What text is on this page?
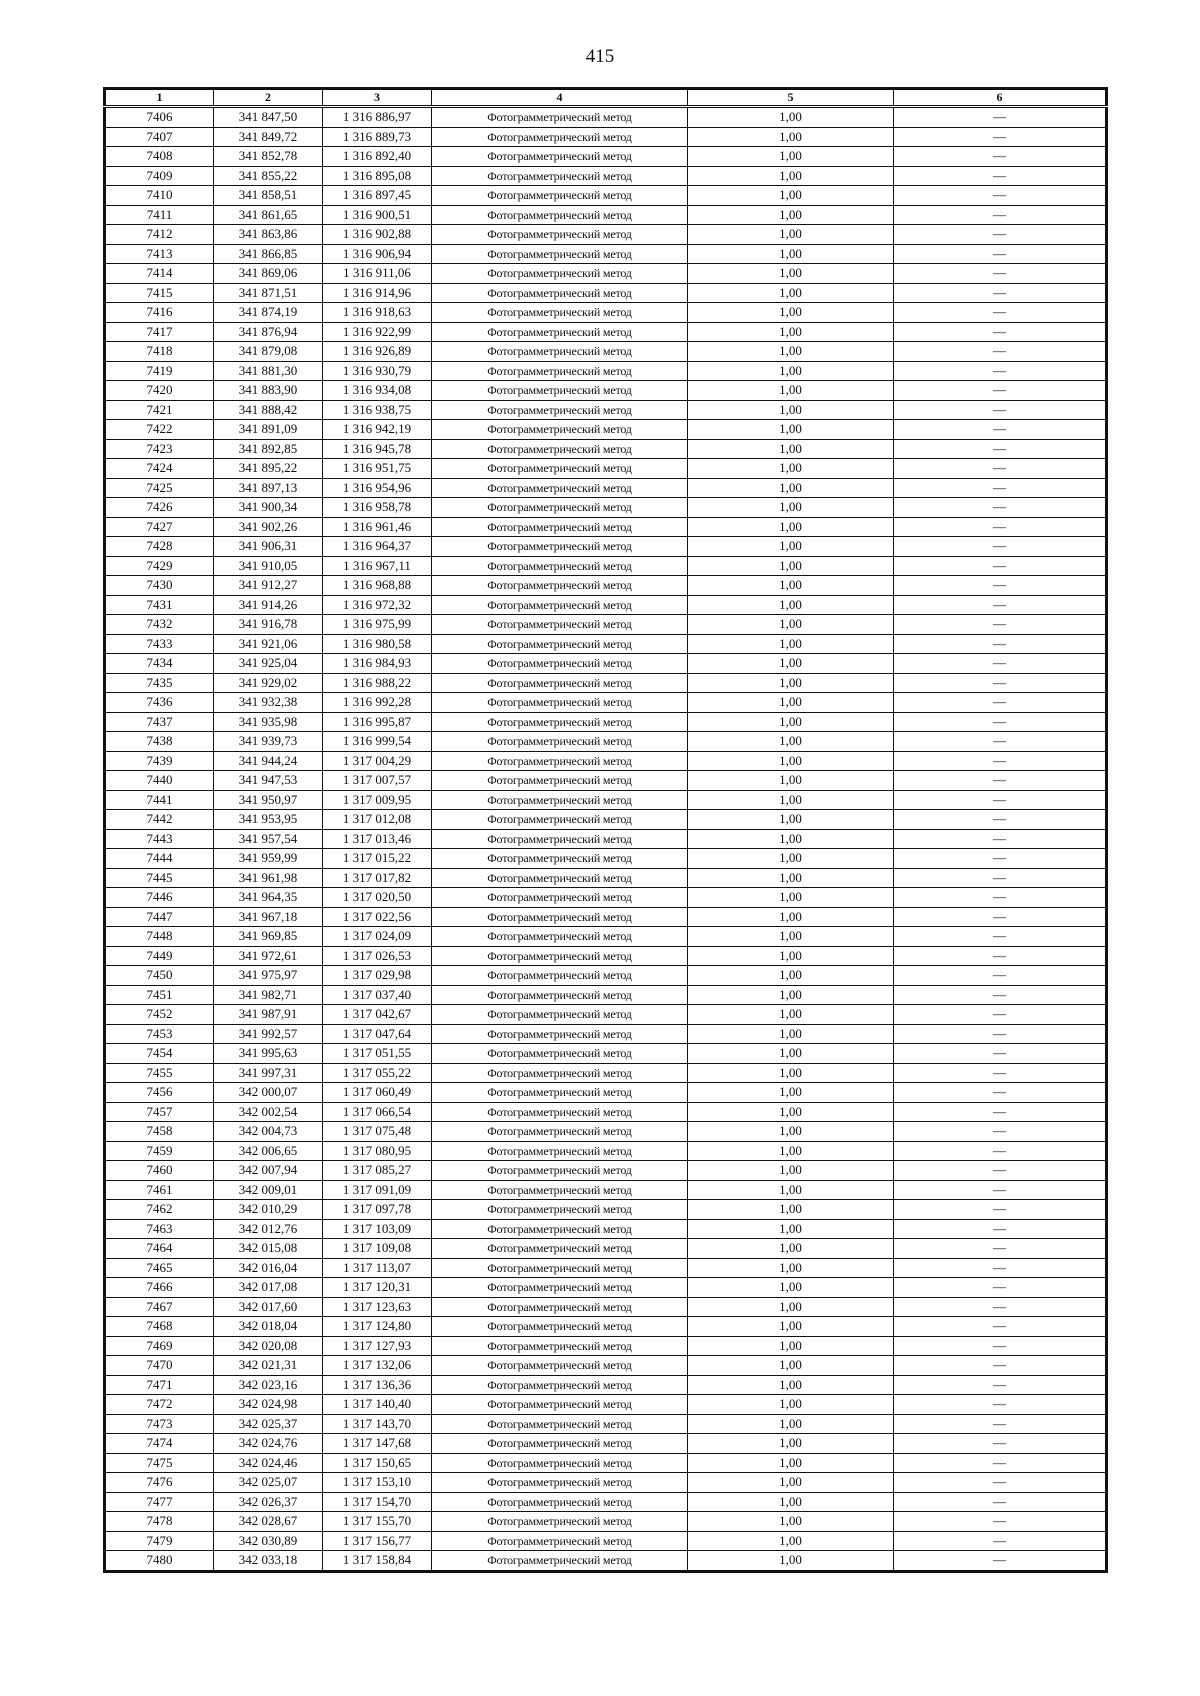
415
1	2	3	4	5	6
7406	341 847,50	1 316 886,97	Фотограмметрический метод	1,00	—
7407	341 849,72	1 316 889,73	Фотограмметрический метод	1,00	—
7408	341 852,78	1 316 892,40	Фотограмметрический метод	1,00	—
7409	341 855,22	1 316 895,08	Фотограмметрический метод	1,00	—
7410	341 858,51	1 316 897,45	Фотограмметрический метод	1,00	—
7411	341 861,65	1 316 900,51	Фотограмметрический метод	1,00	—
7412	341 863,86	1 316 902,88	Фотограмметрический метод	1,00	—
7413	341 866,85	1 316 906,94	Фотограмметрический метод	1,00	—
7414	341 869,06	1 316 911,06	Фотограмметрический метод	1,00	—
7415	341 871,51	1 316 914,96	Фотограмметрический метод	1,00	—
7416	341 874,19	1 316 918,63	Фотограмметрический метод	1,00	—
7417	341 876,94	1 316 922,99	Фотограмметрический метод	1,00	—
7418	341 879,08	1 316 926,89	Фотограмметрический метод	1,00	—
7419	341 881,30	1 316 930,79	Фотограмметрический метод	1,00	—
7420	341 883,90	1 316 934,08	Фотограмметрический метод	1,00	—
7421	341 888,42	1 316 938,75	Фотограмметрический метод	1,00	—
7422	341 891,09	1 316 942,19	Фотограмметрический метод	1,00	—
7423	341 892,85	1 316 945,78	Фотограмметрический метод	1,00	—
7424	341 895,22	1 316 951,75	Фотограмметрический метод	1,00	—
7425	341 897,13	1 316 954,96	Фотограмметрический метод	1,00	—
7426	341 900,34	1 316 958,78	Фотограмметрический метод	1,00	—
7427	341 902,26	1 316 961,46	Фотограмметрический метод	1,00	—
7428	341 906,31	1 316 964,37	Фотограмметрический метод	1,00	—
7429	341 910,05	1 316 967,11	Фотограмметрический метод	1,00	—
7430	341 912,27	1 316 968,88	Фотограмметрический метод	1,00	—
7431	341 914,26	1 316 972,32	Фотограмметрический метод	1,00	—
7432	341 916,78	1 316 975,99	Фотограмметрический метод	1,00	—
7433	341 921,06	1 316 980,58	Фотограмметрический метод	1,00	—
7434	341 925,04	1 316 984,93	Фотограмметрический метод	1,00	—
7435	341 929,02	1 316 988,22	Фотограмметрический метод	1,00	—
7436	341 932,38	1 316 992,28	Фотограмметрический метод	1,00	—
7437	341 935,98	1 316 995,87	Фотограмметрический метод	1,00	—
7438	341 939,73	1 316 999,54	Фотограмметрический метод	1,00	—
7439	341 944,24	1 317 004,29	Фотограмметрический метод	1,00	—
7440	341 947,53	1 317 007,57	Фотограмметрический метод	1,00	—
7441	341 950,97	1 317 009,95	Фотограмметрический метод	1,00	—
7442	341 953,95	1 317 012,08	Фотограмметрический метод	1,00	—
7443	341 957,54	1 317 013,46	Фотограмметрический метод	1,00	—
7444	341 959,99	1 317 015,22	Фотограмметрический метод	1,00	—
7445	341 961,98	1 317 017,82	Фотограмметрический метод	1,00	—
7446	341 964,35	1 317 020,50	Фотограмметрический метод	1,00	—
7447	341 967,18	1 317 022,56	Фотограмметрический метод	1,00	—
7448	341 969,85	1 317 024,09	Фотограмметрический метод	1,00	—
7449	341 972,61	1 317 026,53	Фотограмметрический метод	1,00	—
7450	341 975,97	1 317 029,98	Фотограмметрический метод	1,00	—
7451	341 982,71	1 317 037,40	Фотограмметрический метод	1,00	—
7452	341 987,91	1 317 042,67	Фотограмметрический метод	1,00	—
7453	341 992,57	1 317 047,64	Фотограмметрический метод	1,00	—
7454	341 995,63	1 317 051,55	Фотограмметрический метод	1,00	—
7455	341 997,31	1 317 055,22	Фотограмметрический метод	1,00	—
7456	342 000,07	1 317 060,49	Фотограмметрический метод	1,00	—
7457	342 002,54	1 317 066,54	Фотограмметрический метод	1,00	—
7458	342 004,73	1 317 075,48	Фотограмметрический метод	1,00	—
7459	342 006,65	1 317 080,95	Фотограмметрический метод	1,00	—
7460	342 007,94	1 317 085,27	Фотограмметрический метод	1,00	—
7461	342 009,01	1 317 091,09	Фотограмметрический метод	1,00	—
7462	342 010,29	1 317 097,78	Фотограмметрический метод	1,00	—
7463	342 012,76	1 317 103,09	Фотограмметрический метод	1,00	—
7464	342 015,08	1 317 109,08	Фотограмметрический метод	1,00	—
7465	342 016,04	1 317 113,07	Фотограмметрический метод	1,00	—
7466	342 017,08	1 317 120,31	Фотограмметрический метод	1,00	—
7467	342 017,60	1 317 123,63	Фотограмметрический метод	1,00	—
7468	342 018,04	1 317 124,80	Фотограмметрический метод	1,00	—
7469	342 020,08	1 317 127,93	Фотограмметрический метод	1,00	—
7470	342 021,31	1 317 132,06	Фотограмметрический метод	1,00	—
7471	342 023,16	1 317 136,36	Фотограмметрический метод	1,00	—
7472	342 024,98	1 317 140,40	Фотограмметрический метод	1,00	—
7473	342 025,37	1 317 143,70	Фотограмметрический метод	1,00	—
7474	342 024,76	1 317 147,68	Фотограмметрический метод	1,00	—
7475	342 024,46	1 317 150,65	Фотограмметрический метод	1,00	—
7476	342 025,07	1 317 153,10	Фотограмметрический метод	1,00	—
7477	342 026,37	1 317 154,70	Фотограмметрический метод	1,00	—
7478	342 028,67	1 317 155,70	Фотограмметрический метод	1,00	—
7479	342 030,89	1 317 156,77	Фотограмметрический метод	1,00	—
7480	342 033,18	1 317 158,84	Фотограмметрический метод	1,00	—
